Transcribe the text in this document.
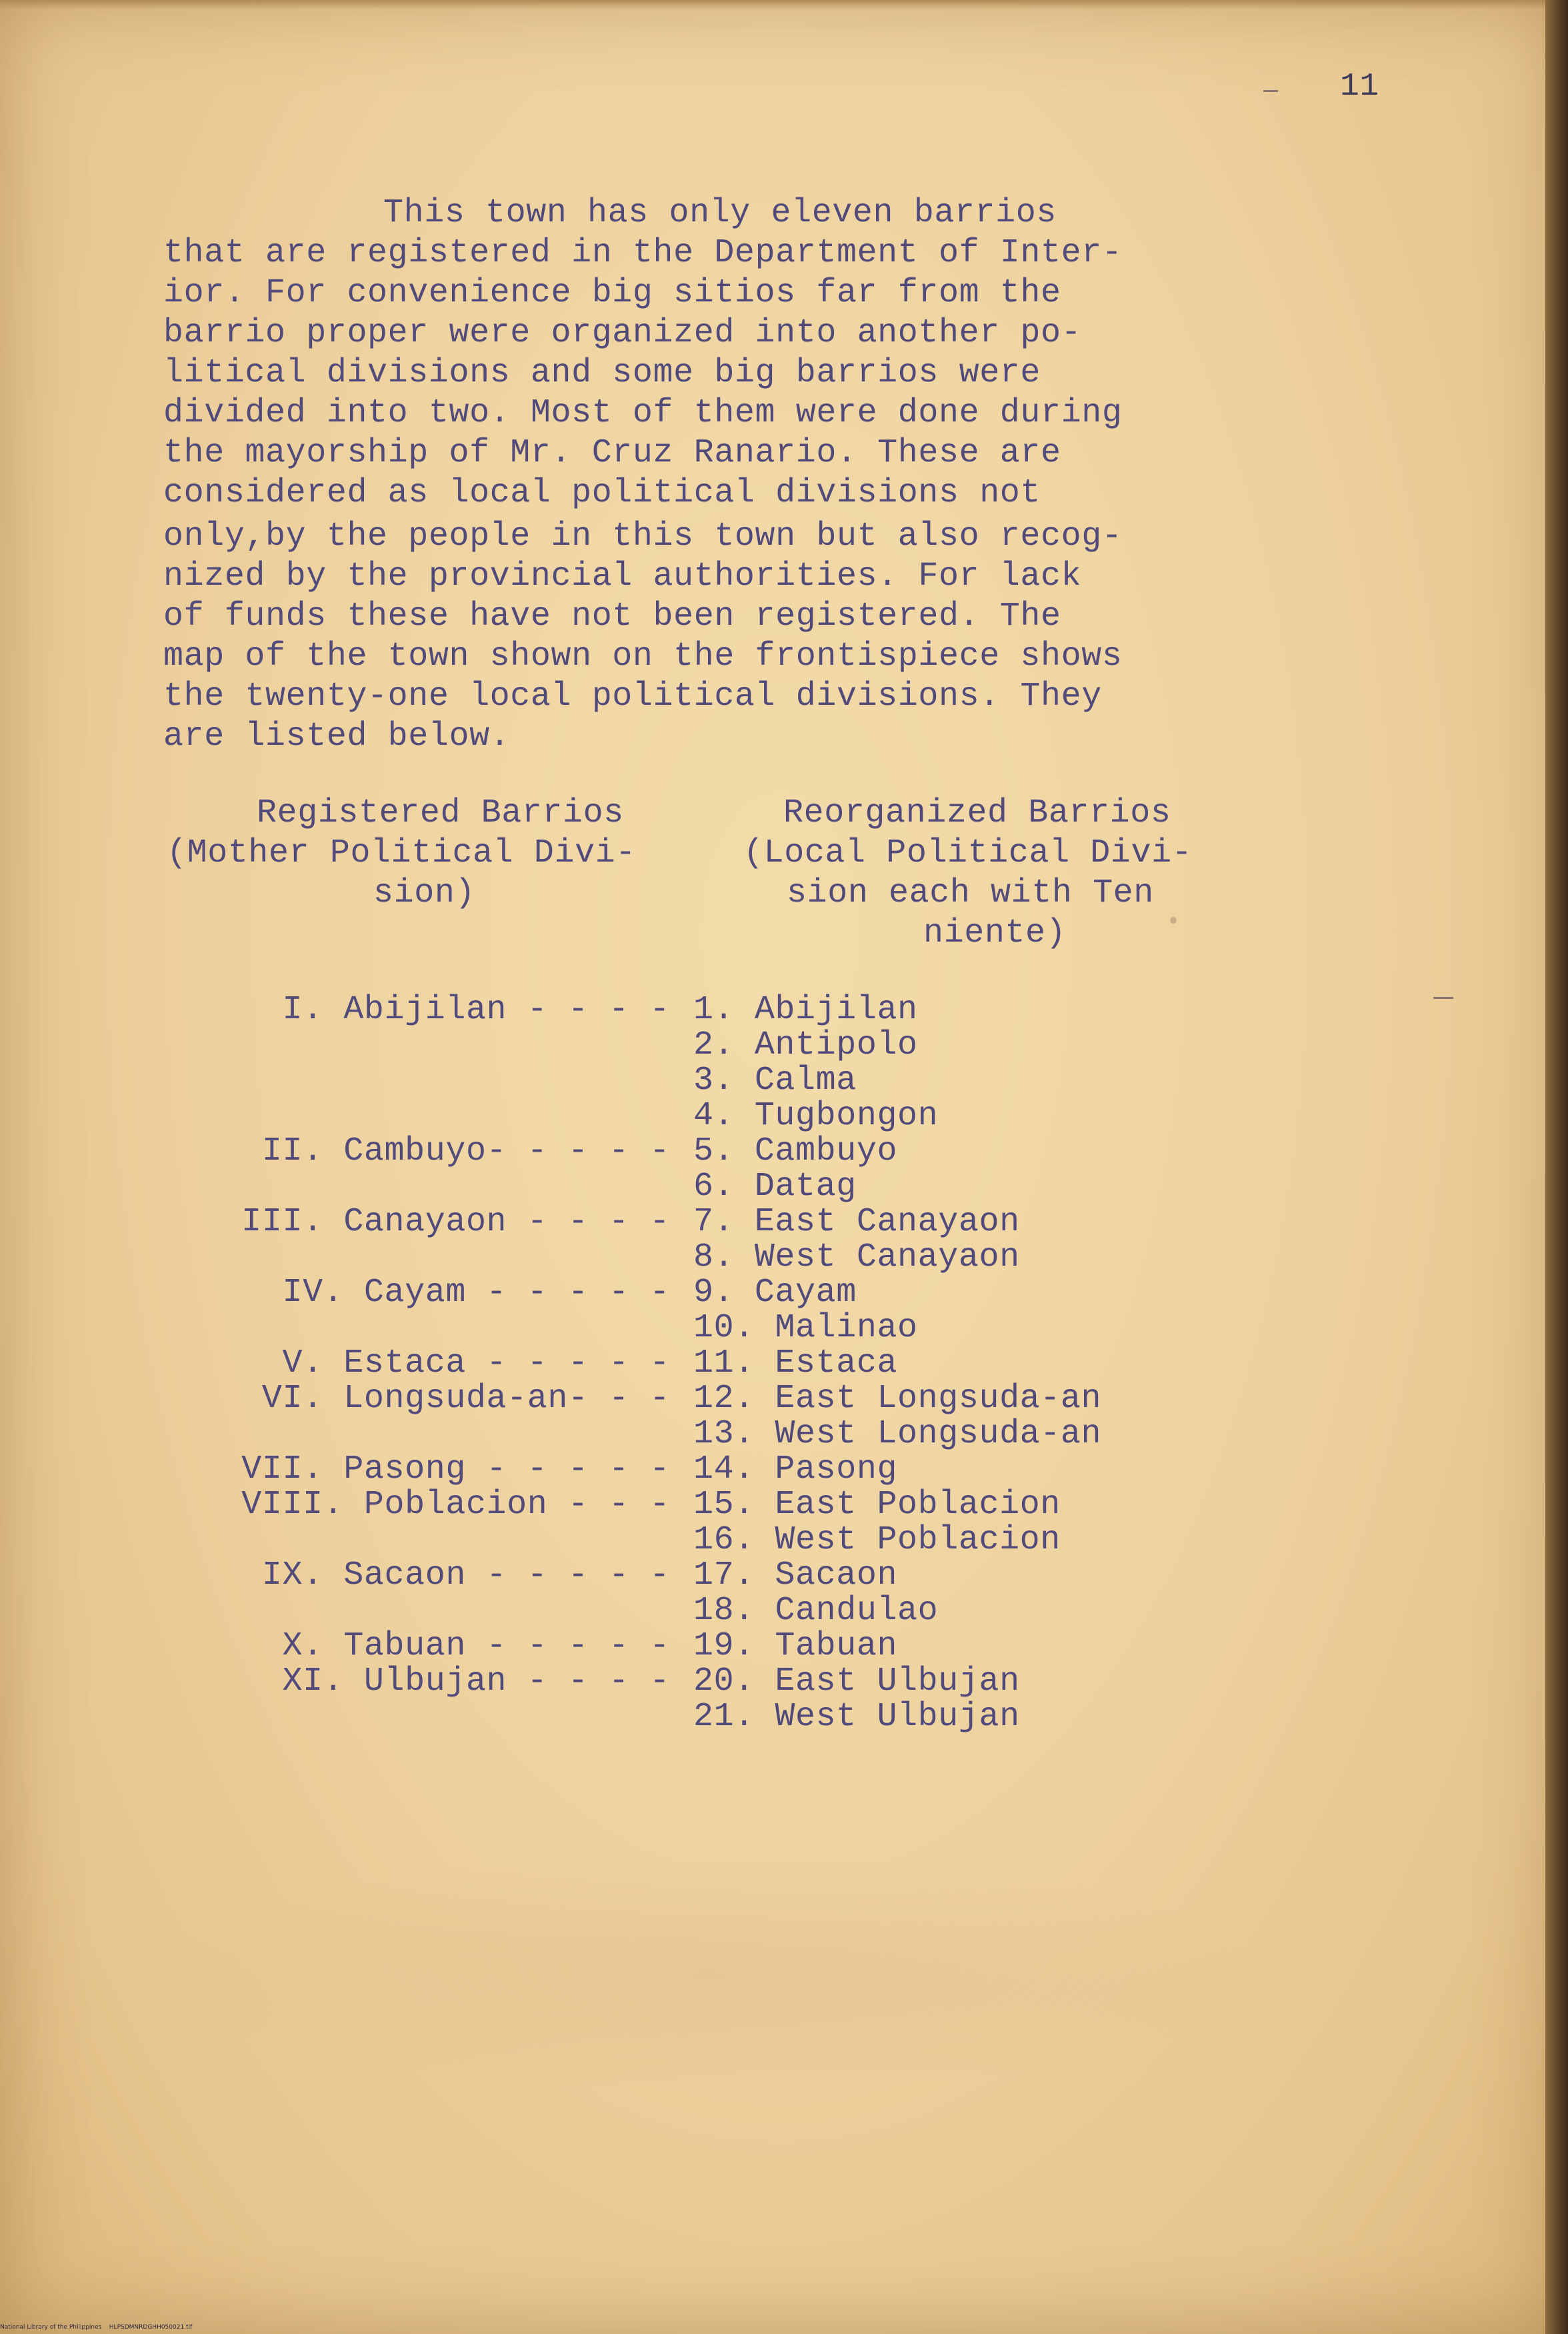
11
This town has only eleven barrios
that are registered in the Department of Inter-
ior. For convenience big sitios far from the
barrio proper were organized into another po-
litical divisions and some big barrios were
divided into two. Most of them were done during
the mayorship of Mr. Cruz Ranario. These are
considered as local political divisions not
only,by the people in this town but also recog-
nized by the provincial authorities. For lack
of funds these have not been registered. The
map of the town shown on the frontispiece shows
the twenty-one local political divisions. They
are listed below.
Registered Barrios
(Mother Political Divi-
sion)
Reorganized Barrios
(Local Political Divi-
sion each with Ten
niente)
I. Abijilan - - - - 1. Abijilan
2. Antipolo
3. Calma
4. Tugbongon
II. Cambuyo- - - - - 5. Cambuyo
6. Datag
III. Canayaon - - - - 7. East Canayaon
8. West Canayaon
IV. Cayam - - - - - 9. Cayam
10. Malinao
V. Estaca - - - - - 11. Estaca
VI. Longsuda-an- - - 12. East Longsuda-an
13. West Longsuda-an
VII. Pasong - - - - - 14. Pasong
VIII. Poblacion - - - 15. East Poblacion
16. West Poblacion
IX. Sacaon - - - - - 17. Sacaon
18. Candulao
X. Tabuan - - - - - 19. Tabuan
XI. Ulbujan - - - - 20. East Ulbujan
21. West Ulbujan
National Library of the Philippines    HLPSDMNRDGHH050021.tif
